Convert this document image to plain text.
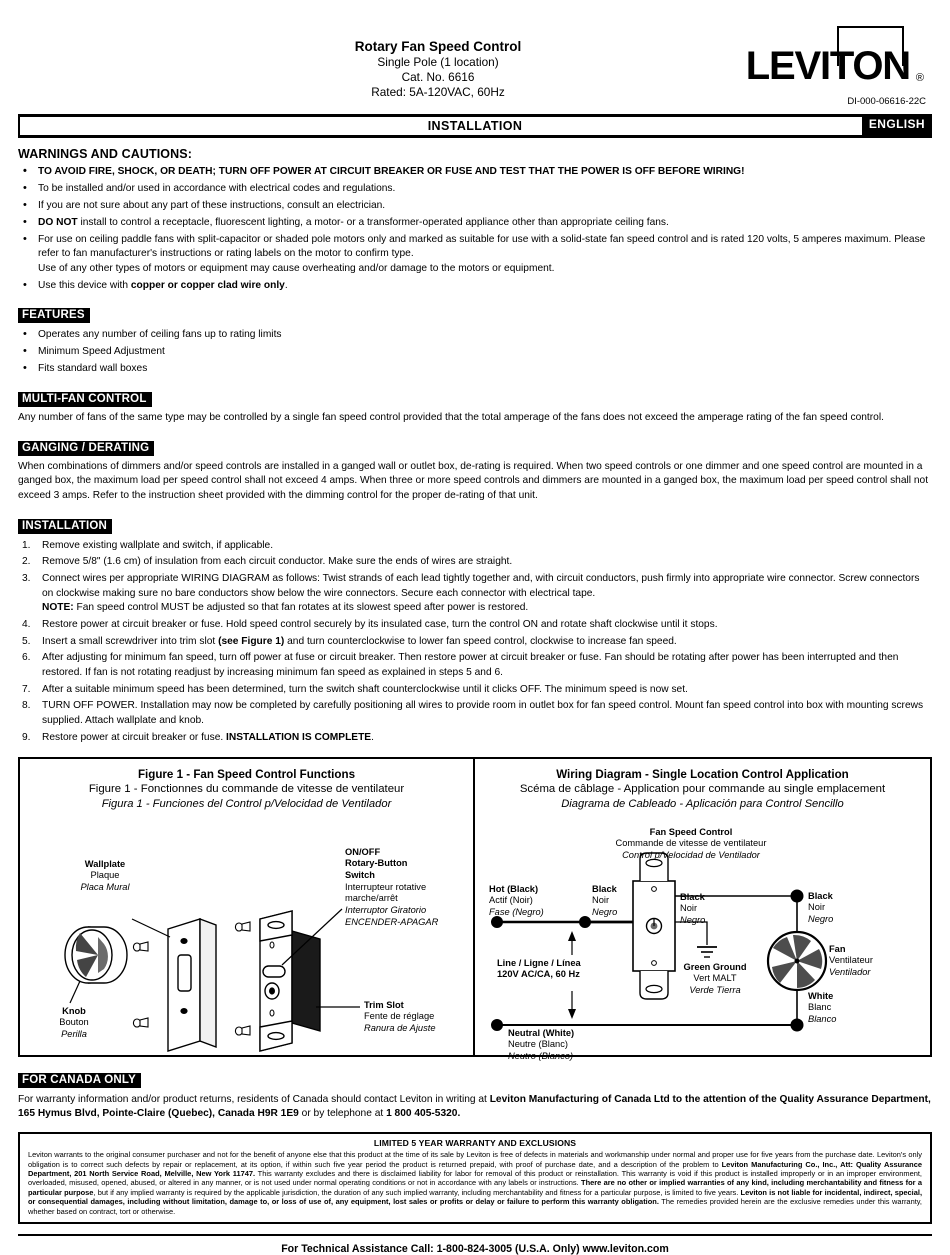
Rotary Fan Speed Control
Single Pole (1 location)
Cat. No. 6616
Rated: 5A-120VAC, 60Hz
LEVITON ®
DI-000-06616-22C
INSTALLATION	ENGLISH
WARNINGS AND CAUTIONS:
• TO AVOID FIRE, SHOCK, OR DEATH; TURN OFF POWER AT CIRCUIT BREAKER OR FUSE AND TEST THAT THE POWER IS OFF BEFORE WIRING!
• To be installed and/or used in accordance with electrical codes and regulations.
• If you are not sure about any part of these instructions, consult an electrician.
• DO NOT install to control a receptacle, fluorescent lighting, a motor- or a transformer-operated appliance other than appropriate ceiling fans.
• For use on ceiling paddle fans with split-capacitor or shaded pole motors only and marked as suitable for use with a solid-state fan speed control and is rated 120 volts, 5 amperes maximum. Please refer to fan manufacturer's instructions or rating labels on the motor to confirm type.
Use of any other types of motors or equipment may cause overheating and/or damage to the motors or equipment.
• Use this device with copper or copper clad wire only.
FEATURES
• Operates any number of ceiling fans up to rating limits
• Minimum Speed Adjustment
• Fits standard wall boxes
MULTI-FAN CONTROL

Any number of fans of the same type may be controlled by a single fan speed control provided that the total amperage of the fans does not exceed the amperage rating of the fan speed control.

GANGING / DERATING

When combinations of dimmers and/or speed controls are installed in a ganged wall or outlet box, de-rating is required. When two speed controls or one dimmer and one speed control are mounted in a ganged box, the maximum load per speed control shall not exceed 4 amps. When three or more speed controls and dimmers are mounted in a ganged box, the maximum load per speed control shall not exceed 3 amps. Refer to the instruction sheet provided with the dimming control for the proper de-rating of that unit.

INSTALLATION
Remove existing wallplate and switch, if applicable.
Remove 5/8" (1.6 cm) of insulation from each circuit conductor. Make sure the ends of wires are straight.
Connect wires per appropriate WIRING DIAGRAM as follows: Twist strands of each lead tightly together and, with circuit conductors, push firmly into appropriate wire connector. Screw connectors on clockwise making sure no bare conductors show below the wire connectors. Secure each connector with electrical tape.
NOTE: Fan speed control MUST be adjusted so that fan rotates at its slowest speed after power is restored.
Restore power at circuit breaker or fuse. Hold speed control securely by its insulated case, turn the control ON and rotate shaft clockwise until it stops.
Insert a small screwdriver into trim slot (see Figure 1) and turn counterclockwise to lower fan speed control, clockwise to increase fan speed.
After adjusting for minimum fan speed, turn off power at fuse or circuit breaker. Then restore power at circuit breaker or fuse. Fan should be rotating after power has been interrupted and then restored. If fan is not rotating readjust by increasing minimum fan speed as explained in steps 5 and 6.
After a suitable minimum speed has been determined, turn the switch shaft counterclockwise until it clicks OFF. The minimum speed is now set.
TURN OFF POWER. Installation may now be completed by carefully positioning all wires to provide room in outlet box for fan speed control. Mount fan speed control into box with mounting screws supplied. Attach wallplate and knob.
Restore power at circuit breaker or fuse. INSTALLATION IS COMPLETE.
Figure 1 - Fan Speed Control Functions
Figure 1 - Fonctionnes du commande de vitesse de ventilateur
Figura 1 - Funciones del Control p/Velocidad de Ventilador
Wallplate
Plaque
Placa Mural
Knob
Bouton
Perilla
ON/OFF
Rotary-Button
Switch
Interrupteur rotative
marche/arrêt
Interruptor Giratorio
ENCENDER-APAGAR
Trim Slot
Fente de réglage
Ranura de Ajuste
Wiring Diagram - Single Location Control Application
Scéma de câblage - Application pour commande au single emplacement
Diagrama de Cableado - Aplicación para Control Sencillo
Fan Speed Control
Commande de vitesse de ventilateur
Control p/Velocidad de Ventilador
Hot (Black)
Actif (Noir)
Fase (Negro)
Black
Noir
Negro
Black
Noir
Negro
Black
Noir
Negro
Green Ground
Vert MALT
Verde Tierra
Fan
Ventilateur
Ventilador
White
Blanc
Blanco
Line / Ligne / Línea
120V AC/CA, 60 Hz
Neutral (White)
Neutre (Blanc)
Neutro (Blanco)
FOR CANADA ONLY

For warranty information and/or product returns, residents of Canada should contact Leviton in writing at Leviton Manufacturing of Canada Ltd to the attention of the Quality Assurance Department, 165 Hymus Blvd, Pointe-Claire (Quebec), Canada H9R 1E9 or by telephone at 1 800 405-5320.

LIMITED 5 YEAR WARRANTY AND EXCLUSIONS
Leviton warrants to the original consumer purchaser and not for the benefit of anyone else that this product at the time of its sale by Leviton is free of defects in materials and workmanship under normal and proper use for five years from the purchase date. Leviton's only obligation is to correct such defects by repair or replacement, at its option, if within such five year period the product is returned prepaid, with proof of purchase date, and a description of the problem to Leviton Manufacturing Co., Inc., Att: Quality Assurance Department, 201 North Service Road, Melville, New York 11747. This warranty excludes and there is disclaimed liability for labor for removal of this product or reinstallation. This warranty is void if this product is installed improperly or in an improper environment, overloaded, misused, opened, abused, or altered in any manner, or is not used under normal operating conditions or not in accordance with any labels or instructions. There are no other or implied warranties of any kind, including merchantability and fitness for a particular purpose, but if any implied warranty is required by the applicable jurisdiction, the duration of any such implied warranty, including merchantability and fitness for a particular purpose, is limited to five years. Leviton is not liable for incidental, indirect, special, or consequential damages, including without limitation, damage to, or loss of use of, any equipment, lost sales or profits or delay or failure to perform this warranty obligation. The remedies provided herein are the exclusive remedies under this warranty, whether based on contract, tort or otherwise.
For Technical Assistance Call: 1-800-824-3005 (U.S.A. Only) www.leviton.com
